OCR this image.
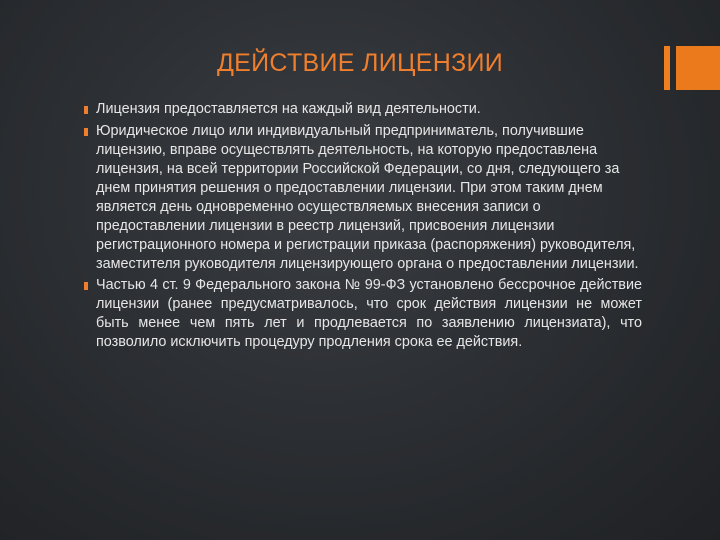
ДЕЙСТВИЕ ЛИЦЕНЗИИ
Лицензия предоставляется на каждый вид деятельности.
Юридическое лицо или индивидуальный предприниматель, получившие лицензию, вправе осуществлять деятельность, на которую предоставлена лицензия, на всей территории Российской Федерации, со дня, следующего за днем принятия решения о предоставлении лицензии. При этом таким днем является день одновременно осуществляемых внесения записи о предоставлении лицензии в реестр лицензий, присвоения лицензии регистрационного номера и регистрации приказа (распоряжения) руководителя, заместителя руководителя лицензирующего органа о предоставлении лицензии.
Частью 4 ст. 9 Федерального закона № 99-ФЗ установлено бессрочное действие лицензии (ранее предусматривалось, что срок действия лицензии не может быть менее чем пять лет и продлевается по заявлению лицензиата), что позволило исключить процедуру продления срока ее действия.
